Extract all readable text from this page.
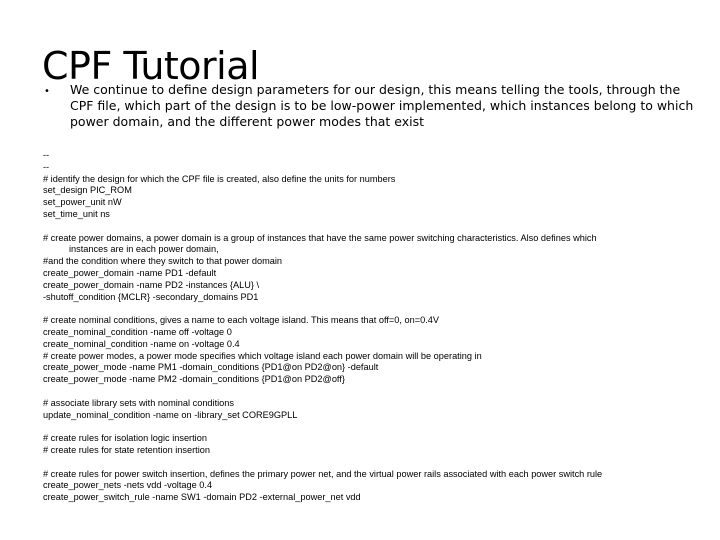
CPF Tutorial
• We continue to define design parameters for our design, this means telling the tools, through the CPF file, which part of the design is to be low-power implemented, which instances belong to which power domain, and the different power modes that exist
--
--
# identify the design for which the CPF file is created, also define the units for numbers
set_design PIC_ROM
set_power_unit nW
set_time_unit ns
# create power domains, a power domain is a group of instances that have the same power switching characteristics. Also defines which
instances are in each power domain,
#and the condition where they switch to that power domain
create_power_domain -name PD1 -default
create_power_domain -name PD2 -instances {ALU} \
-shutoff_condition {MCLR} -secondary_domains PD1
# create nominal conditions, gives a name to each voltage island. This means that off=0, on=0.4V
create_nominal_condition -name off -voltage 0
create_nominal_condition -name on -voltage 0.4
# create power modes, a power mode specifies which voltage island each power domain will be operating in
create_power_mode -name PM1 -domain_conditions {PD1@on PD2@on} -default
create_power_mode -name PM2 -domain_conditions {PD1@on PD2@off}
# associate library sets with nominal conditions
update_nominal_condition -name on -library_set CORE9GPLL
# create rules for isolation logic insertion
# create rules for state retention insertion
# create rules for power switch insertion, defines the primary power net, and the virtual power rails associated with each power switch rule
create_power_nets -nets vdd -voltage 0.4
create_power_switch_rule -name SW1 -domain PD2 -external_power_net vdd
